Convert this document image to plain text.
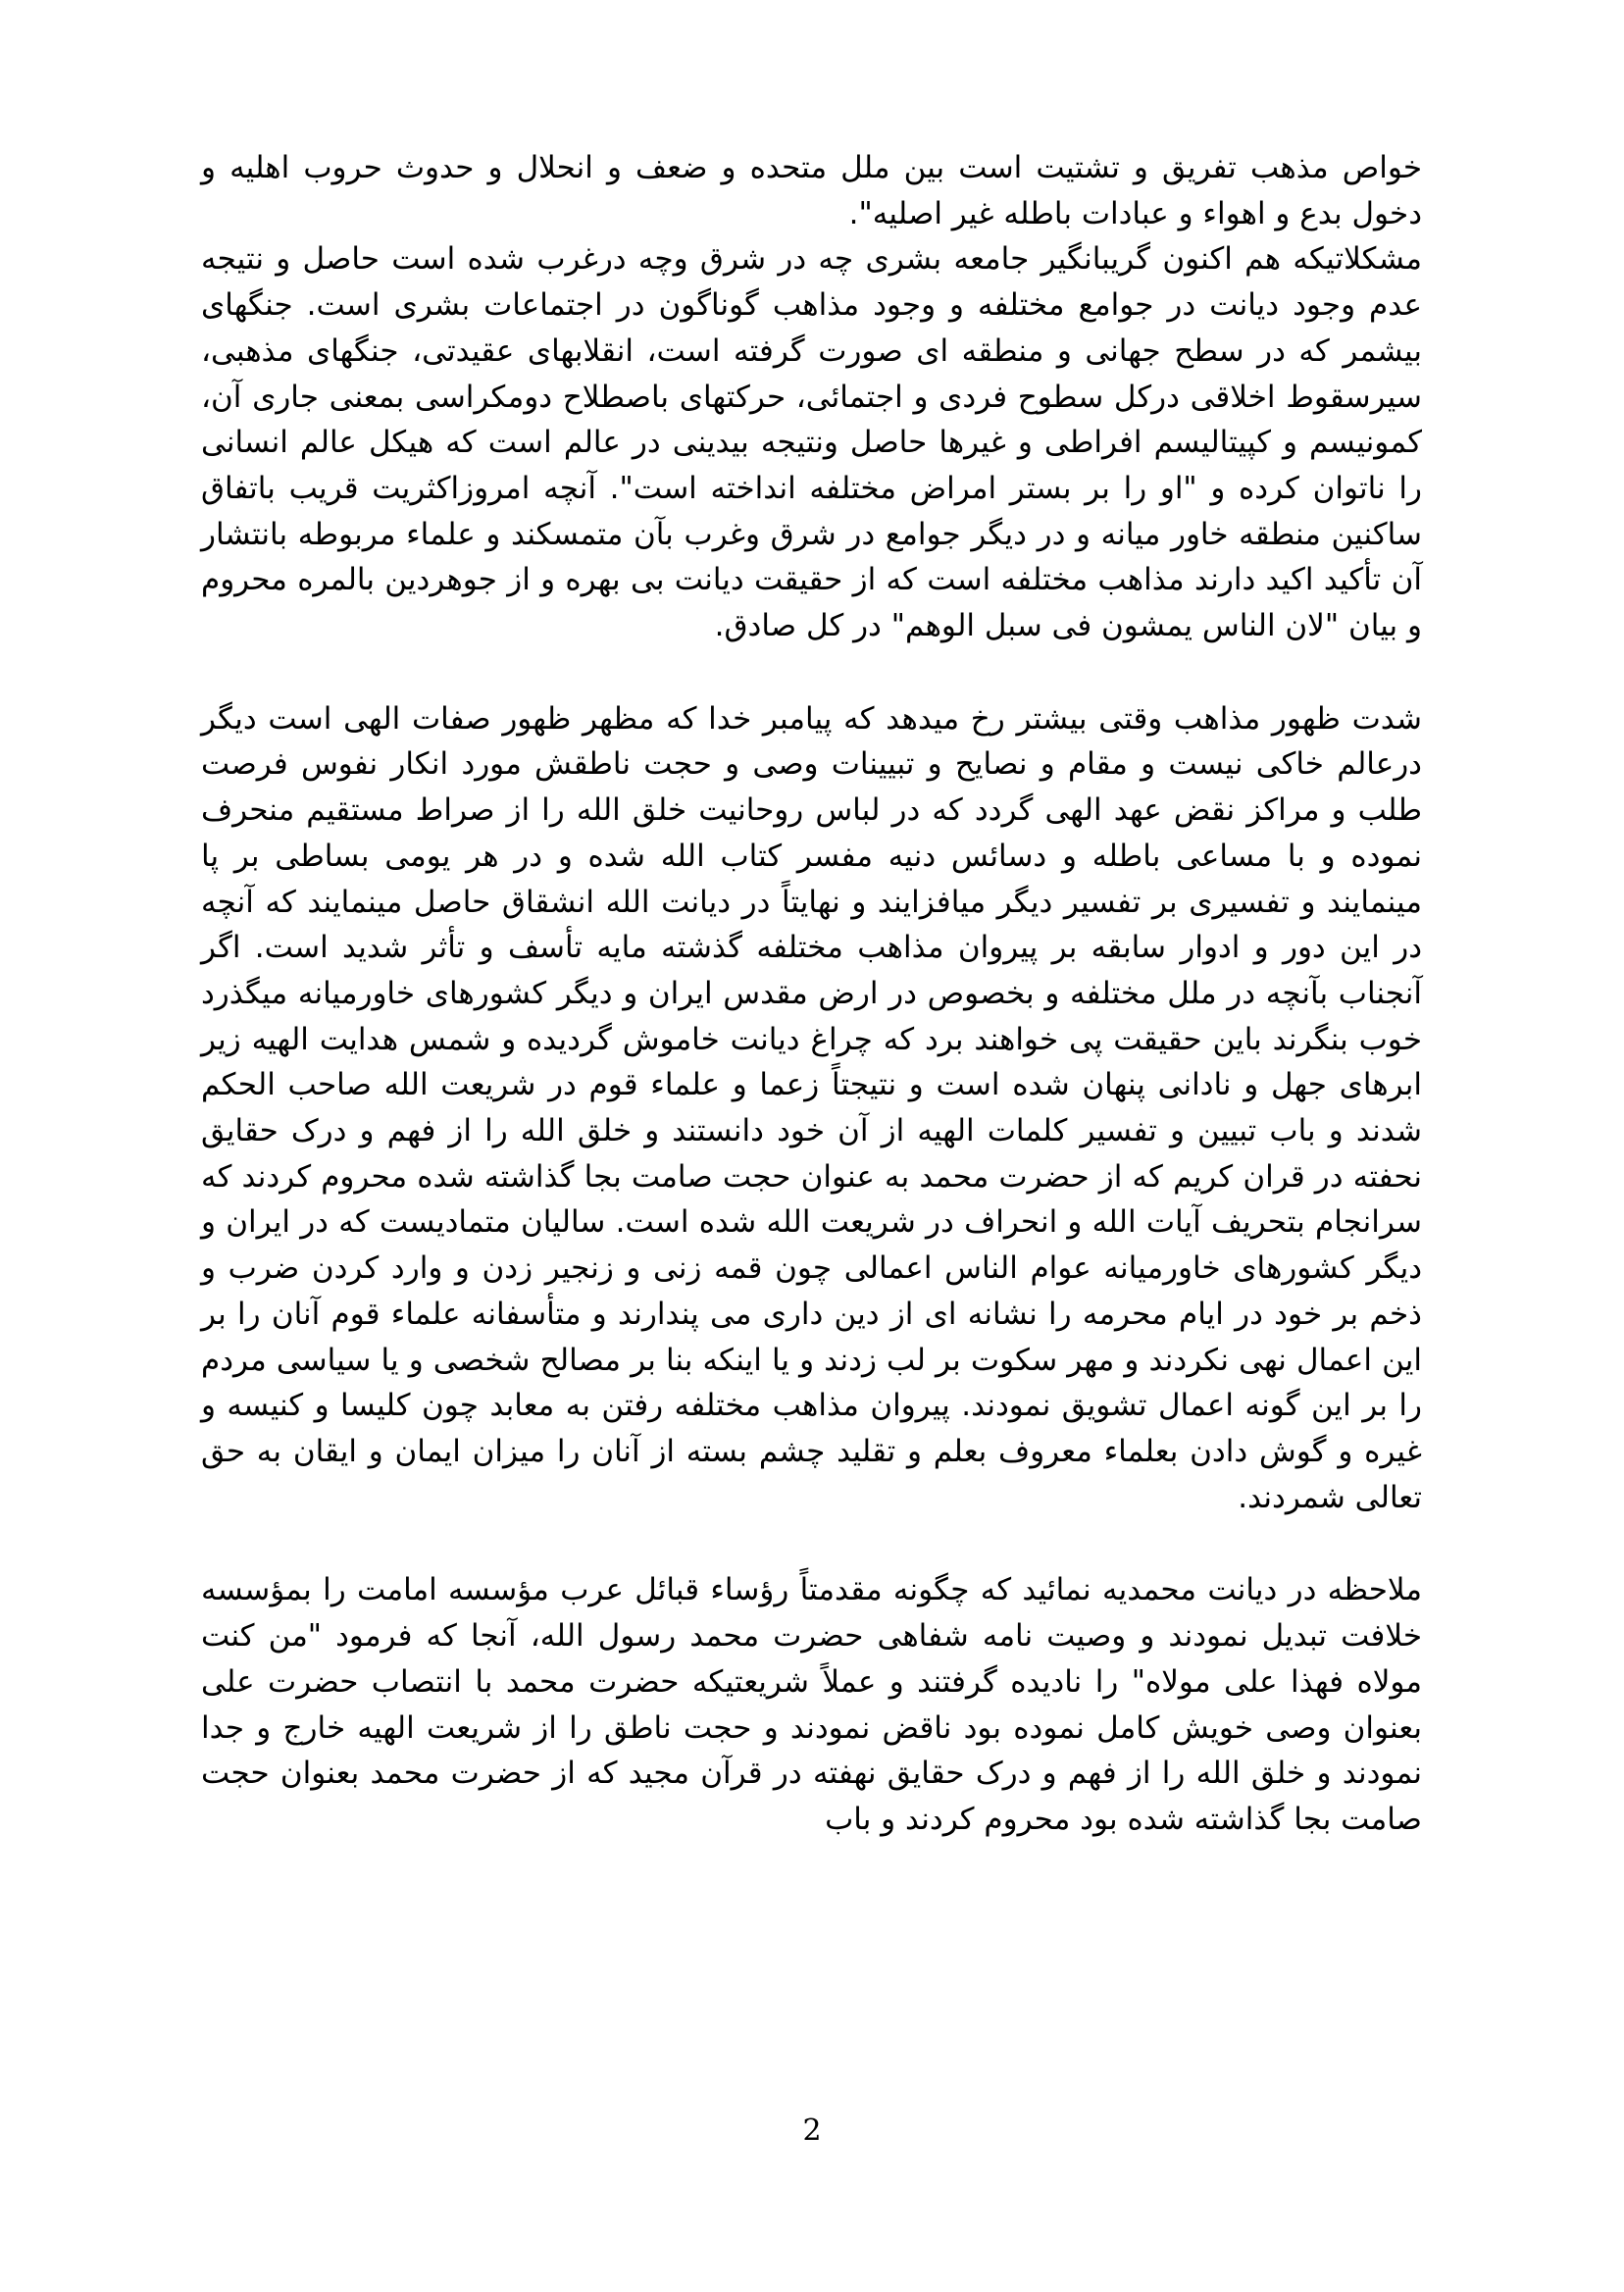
خواص مذهب تفریق و تشتیت است بین ملل متحده و ضعف و انحلال و حدوث حروب اهلیه و دخول بدع و اهواء و عبادات باطله غیر اصلیه".

مشکلاتیکه هم اکنون گریبانگیر جامعه بشری چه در شرق وچه درغرب شده است حاصل و نتیجه عدم وجود دیانت در جوامع مختلفه و وجود مذاهب گوناگون در اجتماعات بشری است. جنگهای بیشمر که در سطح جهانی و منطقه ای صورت گرفته است، انقلابهای عقیدتی، جنگهای مذهبی، سیرسقوط اخلاقی درکل سطوح فردی و اجتمائی، حرکتهای باصطلاح دومکراسی بمعنی جاری آن، کمونیسم و کپیتالیسم افراطی و غیرها حاصل ونتیجه بیدینی در عالم است که هیکل عالم انسانی را ناتوان کرده و "او را بر بستر امراض مختلفه انداخته است". آنچه امروزاکثریت قریب باتفاق ساکنین منطقه خاور میانه و در دیگر جوامع در شرق وغرب بآن متمسکند و علماء مربوطه بانتشار آن تأکید اکید دارند مذاهب مختلفه است که از حقیقت دیانت بی بهره و از جوهردین بالمره محروم و بیان "لان الناس یمشون فی سبل الوهم" در کل صادق.

شدت ظهور مذاهب وقتی بیشتر رخ میدهد که پیامبر خدا که مظهر ظهور صفات الهی است دیگر درعالم خاکی نیست و مقام و نصایح و تبیینات وصی و حجت ناطقش مورد انکار نفوس فرصت طلب و مراکز نقض عهد الهی گردد که در لباس روحانیت خلق الله را از صراط مستقیم منحرف نموده و با مساعی باطله و دسائس دنیه مفسر کتاب الله شده و در هر یومی بساطی بر پا مینمایند و تفسیری بر تفسیر دیگر میافزایند و نهایتاً در دیانت الله انشقاق حاصل مینمایند که آنچه در این دور و ادوار سابقه بر پیروان مذاهب مختلفه گذشته مایه تأسف و تأثر شدید است. اگر آنجناب بآنچه در ملل مختلفه و بخصوص در ارض مقدس ایران و دیگر کشورهای خاورمیانه میگذرد خوب بنگرند باین حقیقت پی خواهند برد که چراغ دیانت خاموش گردیده و شمس هدایت الهیه زیر ابرهای جهل و نادانی پنهان شده است و نتیجتاً زعما و علماء قوم در شریعت الله صاحب الحکم شدند و باب تبیین و تفسیر کلمات الهیه از آن خود دانستند و خلق الله را از فهم و درک حقایق نحفته در قران کریم که از حضرت محمد به عنوان حجت صامت بجا گذاشته شده محروم کردند که سرانجام بتحریف آیات الله و انحراف در شریعت الله شده است. سالیان متمادیست که در ایران و دیگر کشورهای خاورمیانه عوام الناس اعمالی چون قمه زنی و زنجیر زدن و وارد کردن ضرب و ذخم بر خود در ایام محرمه را نشانه ای از دین داری می پندارند و متأسفانه علماء قوم آنان را بر این اعمال نهی نکردند و مهر سکوت بر لب زدند و یا اینکه بنا بر مصالح شخصی و یا سیاسی مردم را بر این گونه اعمال تشویق نمودند. پیروان مذاهب مختلفه رفتن به معابد چون کلیسا و کنیسه و غیره و گوش دادن بعلماء معروف بعلم و تقلید چشم بسته از آنان را میزان ایمان و ایقان به حق تعالی شمردند.

ملاحظه در دیانت محمدیه نمائید که چگونه مقدمتاً رؤساء قبائل عرب مؤسسه امامت را بمؤسسه خلافت تبدیل نمودند و وصیت نامه شفاهی حضرت محمد رسول الله، آنجا که فرمود "من کنت مولاه فهذا علی مولاه" را نادیده گرفتند و عملاً شریعتیکه حضرت محمد با انتصاب حضرت علی بعنوان وصی خویش کامل نموده بود ناقض نمودند و حجت ناطق را از شریعت الهیه خارج و جدا نمودند و خلق الله را از فهم و درک حقایق نهفته در قرآن مجید که از حضرت محمد بعنوان حجت صامت بجا گذاشته شده بود محروم کردند و باب

2
